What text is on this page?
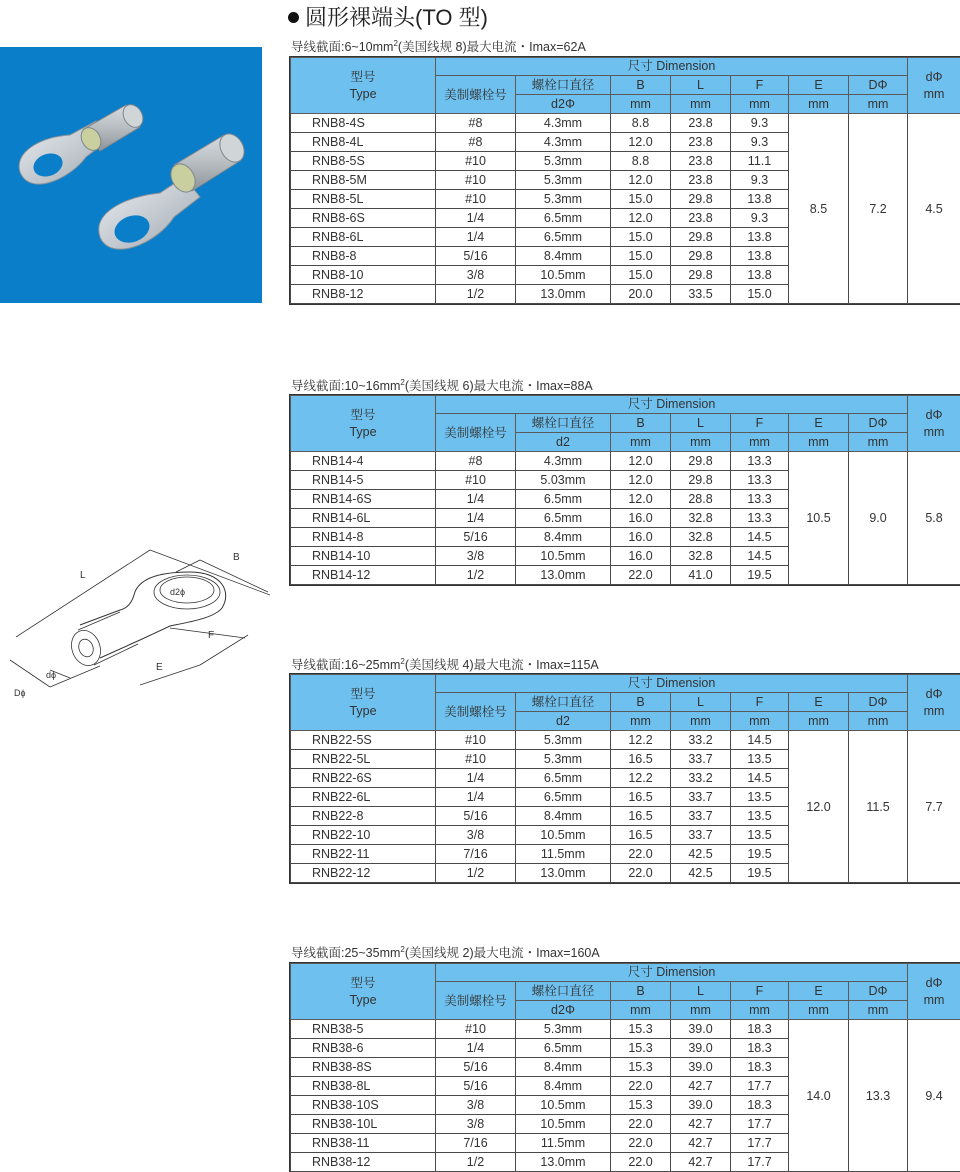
圆形裸端头(TO 型)
L
B
d2ϕ
F
E
dϕ
Dϕ
导线截面$:6\sim 10mm^2$(美国线规 8)最大电流・Imax=62A
型号
Type	尺寸 Dimension							dΦ
mm
	美制螺栓号	螺栓口直径	B	L	F	E	DΦ	
		d2Φ	mm	mm	mm	mm	mm	
RNB8-4S	#8	4.3mm	8.8	23.8	9.3	8.5	7.2	4.5
RNB8-4L	#8	4.3mm	12.0	23.8	9.3			
RNB8-5S	#10	5.3mm	8.8	23.8	11.1			
RNB8-5M	#10	5.3mm	12.0	23.8	9.3			
RNB8-5L	#10	5.3mm	15.0	29.8	13.8			
RNB8-6S	1/4	6.5mm	12.0	23.8	9.3			
RNB8-6L	1/4	6.5mm	15.0	29.8	13.8			
RNB8-8	5/16	8.4mm	15.0	29.8	13.8			
RNB8-10	3/8	10.5mm	15.0	29.8	13.8			
RNB8-12	1/2	13.0mm	20.0	33.5	15.0			
导线截面$:10\sim 16mm^2$(美国线规 6)最大电流・Imax=88A
型号
Type	尺寸 Dimension							dΦ
mm
	美制螺栓号	螺栓口直径	B	L	F	E	DΦ	
		d2	mm	mm	mm	mm	mm	
RNB14-4	#8	4.3mm	12.0	29.8	13.3	10.5	9.0	5.8
RNB14-5	#10	5.03mm	12.0	29.8	13.3			
RNB14-6S	1/4	6.5mm	12.0	28.8	13.3			
RNB14-6L	1/4	6.5mm	16.0	32.8	13.3			
RNB14-8	5/16	8.4mm	16.0	32.8	14.5			
RNB14-10	3/8	10.5mm	16.0	32.8	14.5			
RNB14-12	1/2	13.0mm	22.0	41.0	19.5			
导线截面$:16\sim 25mm^2$(美国线规 4)最大电流・Imax=115A
型号
Type	尺寸 Dimension							dΦ
mm
	美制螺栓号	螺栓口直径	B	L	F	E	DΦ	
		d2	mm	mm	mm	mm	mm	
RNB22-5S	#10	5.3mm	12.2	33.2	14.5	12.0	11.5	7.7
RNB22-5L	#10	5.3mm	16.5	33.7	13.5			
RNB22-6S	1/4	6.5mm	12.2	33.2	14.5			
RNB22-6L	1/4	6.5mm	16.5	33.7	13.5			
RNB22-8	5/16	8.4mm	16.5	33.7	13.5			
RNB22-10	3/8	10.5mm	16.5	33.7	13.5			
RNB22-11	7/16	11.5mm	22.0	42.5	19.5			
RNB22-12	1/2	13.0mm	22.0	42.5	19.5			
导线截面$:25\sim 35mm^2$(美国线规 2)最大电流・Imax=160A
型号
Type	尺寸 Dimension							dΦ
mm
	美制螺栓号	螺栓口直径	B	L	F	E	DΦ	
		d2Φ	mm	mm	mm	mm	mm	
RNB38-5	#10	5.3mm	15.3	39.0	18.3	14.0	13.3	9.4
RNB38-6	1/4	6.5mm	15.3	39.0	18.3			
RNB38-8S	5/16	8.4mm	15.3	39.0	18.3			
RNB38-8L	5/16	8.4mm	22.0	42.7	17.7			
RNB38-10S	3/8	10.5mm	15.3	39.0	18.3			
RNB38-10L	3/8	10.5mm	22.0	42.7	17.7			
RNB38-11	7/16	11.5mm	22.0	42.7	17.7			
RNB38-12	1/2	13.0mm	22.0	42.7	17.7			
